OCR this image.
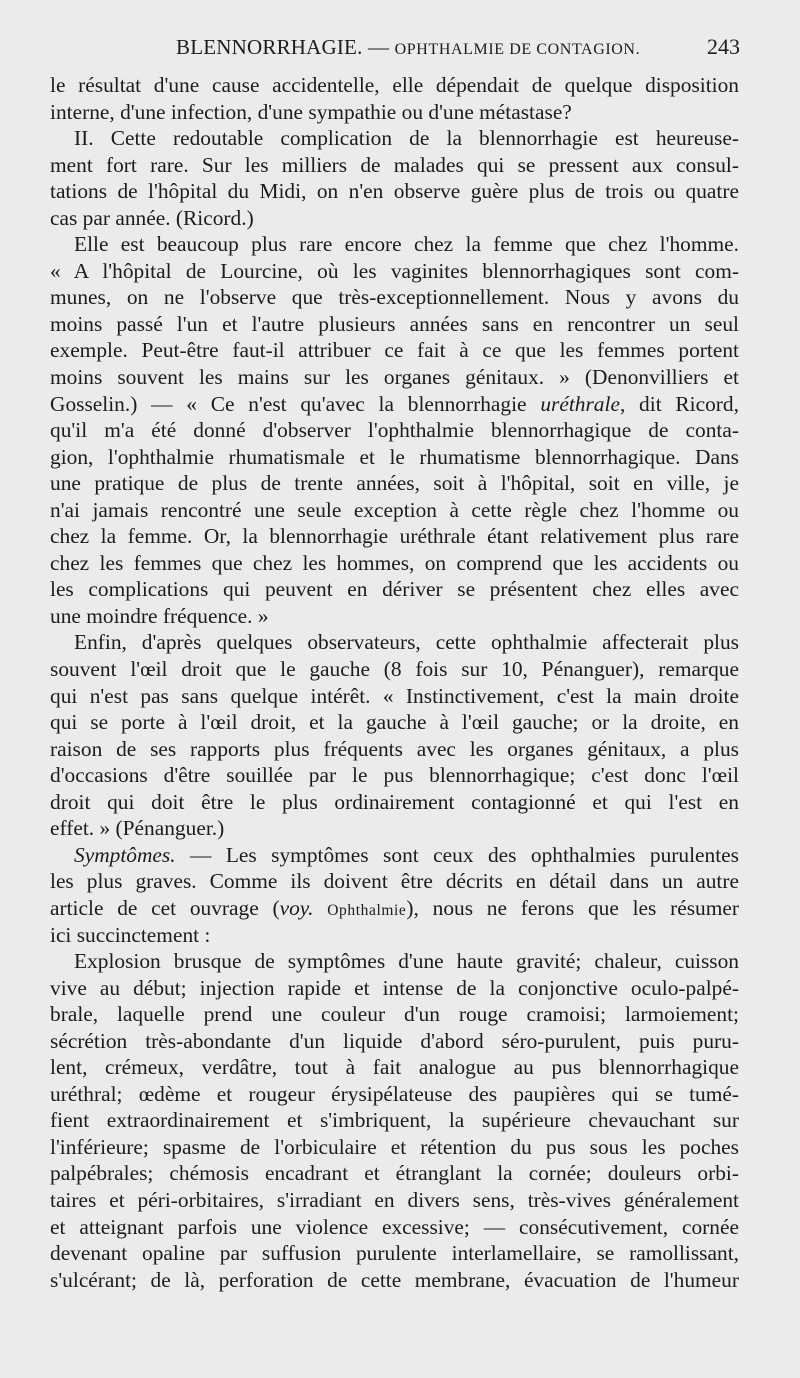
BLENNORRHAGIE. — OPHTHALMIE DE CONTAGION.	243
le résultat d'une cause accidentelle, elle dépendait de quelque disposition
interne, d'une infection, d'une sympathie ou d'une métastase?
II. Cette redoutable complication de la blennorrhagie est heureuse-
ment fort rare. Sur les milliers de malades qui se pressent aux consul-
tations de l'hôpital du Midi, on n'en observe guère plus de trois ou quatre
cas par année. (Ricord.)
Elle est beaucoup plus rare encore chez la femme que chez l'homme.
« A l'hôpital de Lourcine, où les vaginites blennorrhagiques sont com-
munes, on ne l'observe que très-exceptionnellement. Nous y avons du
moins passé l'un et l'autre plusieurs années sans en rencontrer un seul
exemple. Peut-être faut-il attribuer ce fait à ce que les femmes portent
moins souvent les mains sur les organes génitaux. » (Denonvilliers et
Gosselin.) — « Ce n'est qu'avec la blennorrhagie uréthrale, dit Ricord,
qu'il m'a été donné d'observer l'ophthalmie blennorrhagique de conta-
gion, l'ophthalmie rhumatismale et le rhumatisme blennorrhagique. Dans
une pratique de plus de trente années, soit à l'hôpital, soit en ville, je
n'ai jamais rencontré une seule exception à cette règle chez l'homme ou
chez la femme. Or, la blennorrhagie uréthrale étant relativement plus rare
chez les femmes que chez les hommes, on comprend que les accidents ou
les complications qui peuvent en dériver se présentent chez elles avec
une moindre fréquence. »
Enfin, d'après quelques observateurs, cette ophthalmie affecterait plus
souvent l'œil droit que le gauche (8 fois sur 10, Pénanguer), remarque
qui n'est pas sans quelque intérêt. « Instinctivement, c'est la main droite
qui se porte à l'œil droit, et la gauche à l'œil gauche; or la droite, en
raison de ses rapports plus fréquents avec les organes génitaux, a plus
d'occasions d'être souillée par le pus blennorrhagique; c'est donc l'œil
droit qui doit être le plus ordinairement contagionné et qui l'est en
effet. » (Pénanguer.)
Symptômes. — Les symptômes sont ceux des ophthalmies purulentes
les plus graves. Comme ils doivent être décrits en détail dans un autre
article de cet ouvrage (voy. Ophthalmie), nous ne ferons que les résumer
ici succinctement :
Explosion brusque de symptômes d'une haute gravité; chaleur, cuisson
vive au début; injection rapide et intense de la conjonctive oculo-palpé-
brale, laquelle prend une couleur d'un rouge cramoisi; larmoiement;
sécrétion très-abondante d'un liquide d'abord séro-purulent, puis puru-
lent, crémeux, verdâtre, tout à fait analogue au pus blennorrhagique
uréthral; œdème et rougeur érysipélateuse des paupières qui se tumé-
fient extraordinairement et s'imbriquent, la supérieure chevauchant sur
l'inférieure; spasme de l'orbiculaire et rétention du pus sous les poches
palpébrales; chémosis encadrant et étranglant la cornée; douleurs orbi-
taires et péri-orbitaires, s'irradiant en divers sens, très-vives généralement
et atteignant parfois une violence excessive; — consécutivement, cornée
devenant opaline par suffusion purulente interlamellaire, se ramollissant,
s'ulcérant; de là, perforation de cette membrane, évacuation de l'humeur
